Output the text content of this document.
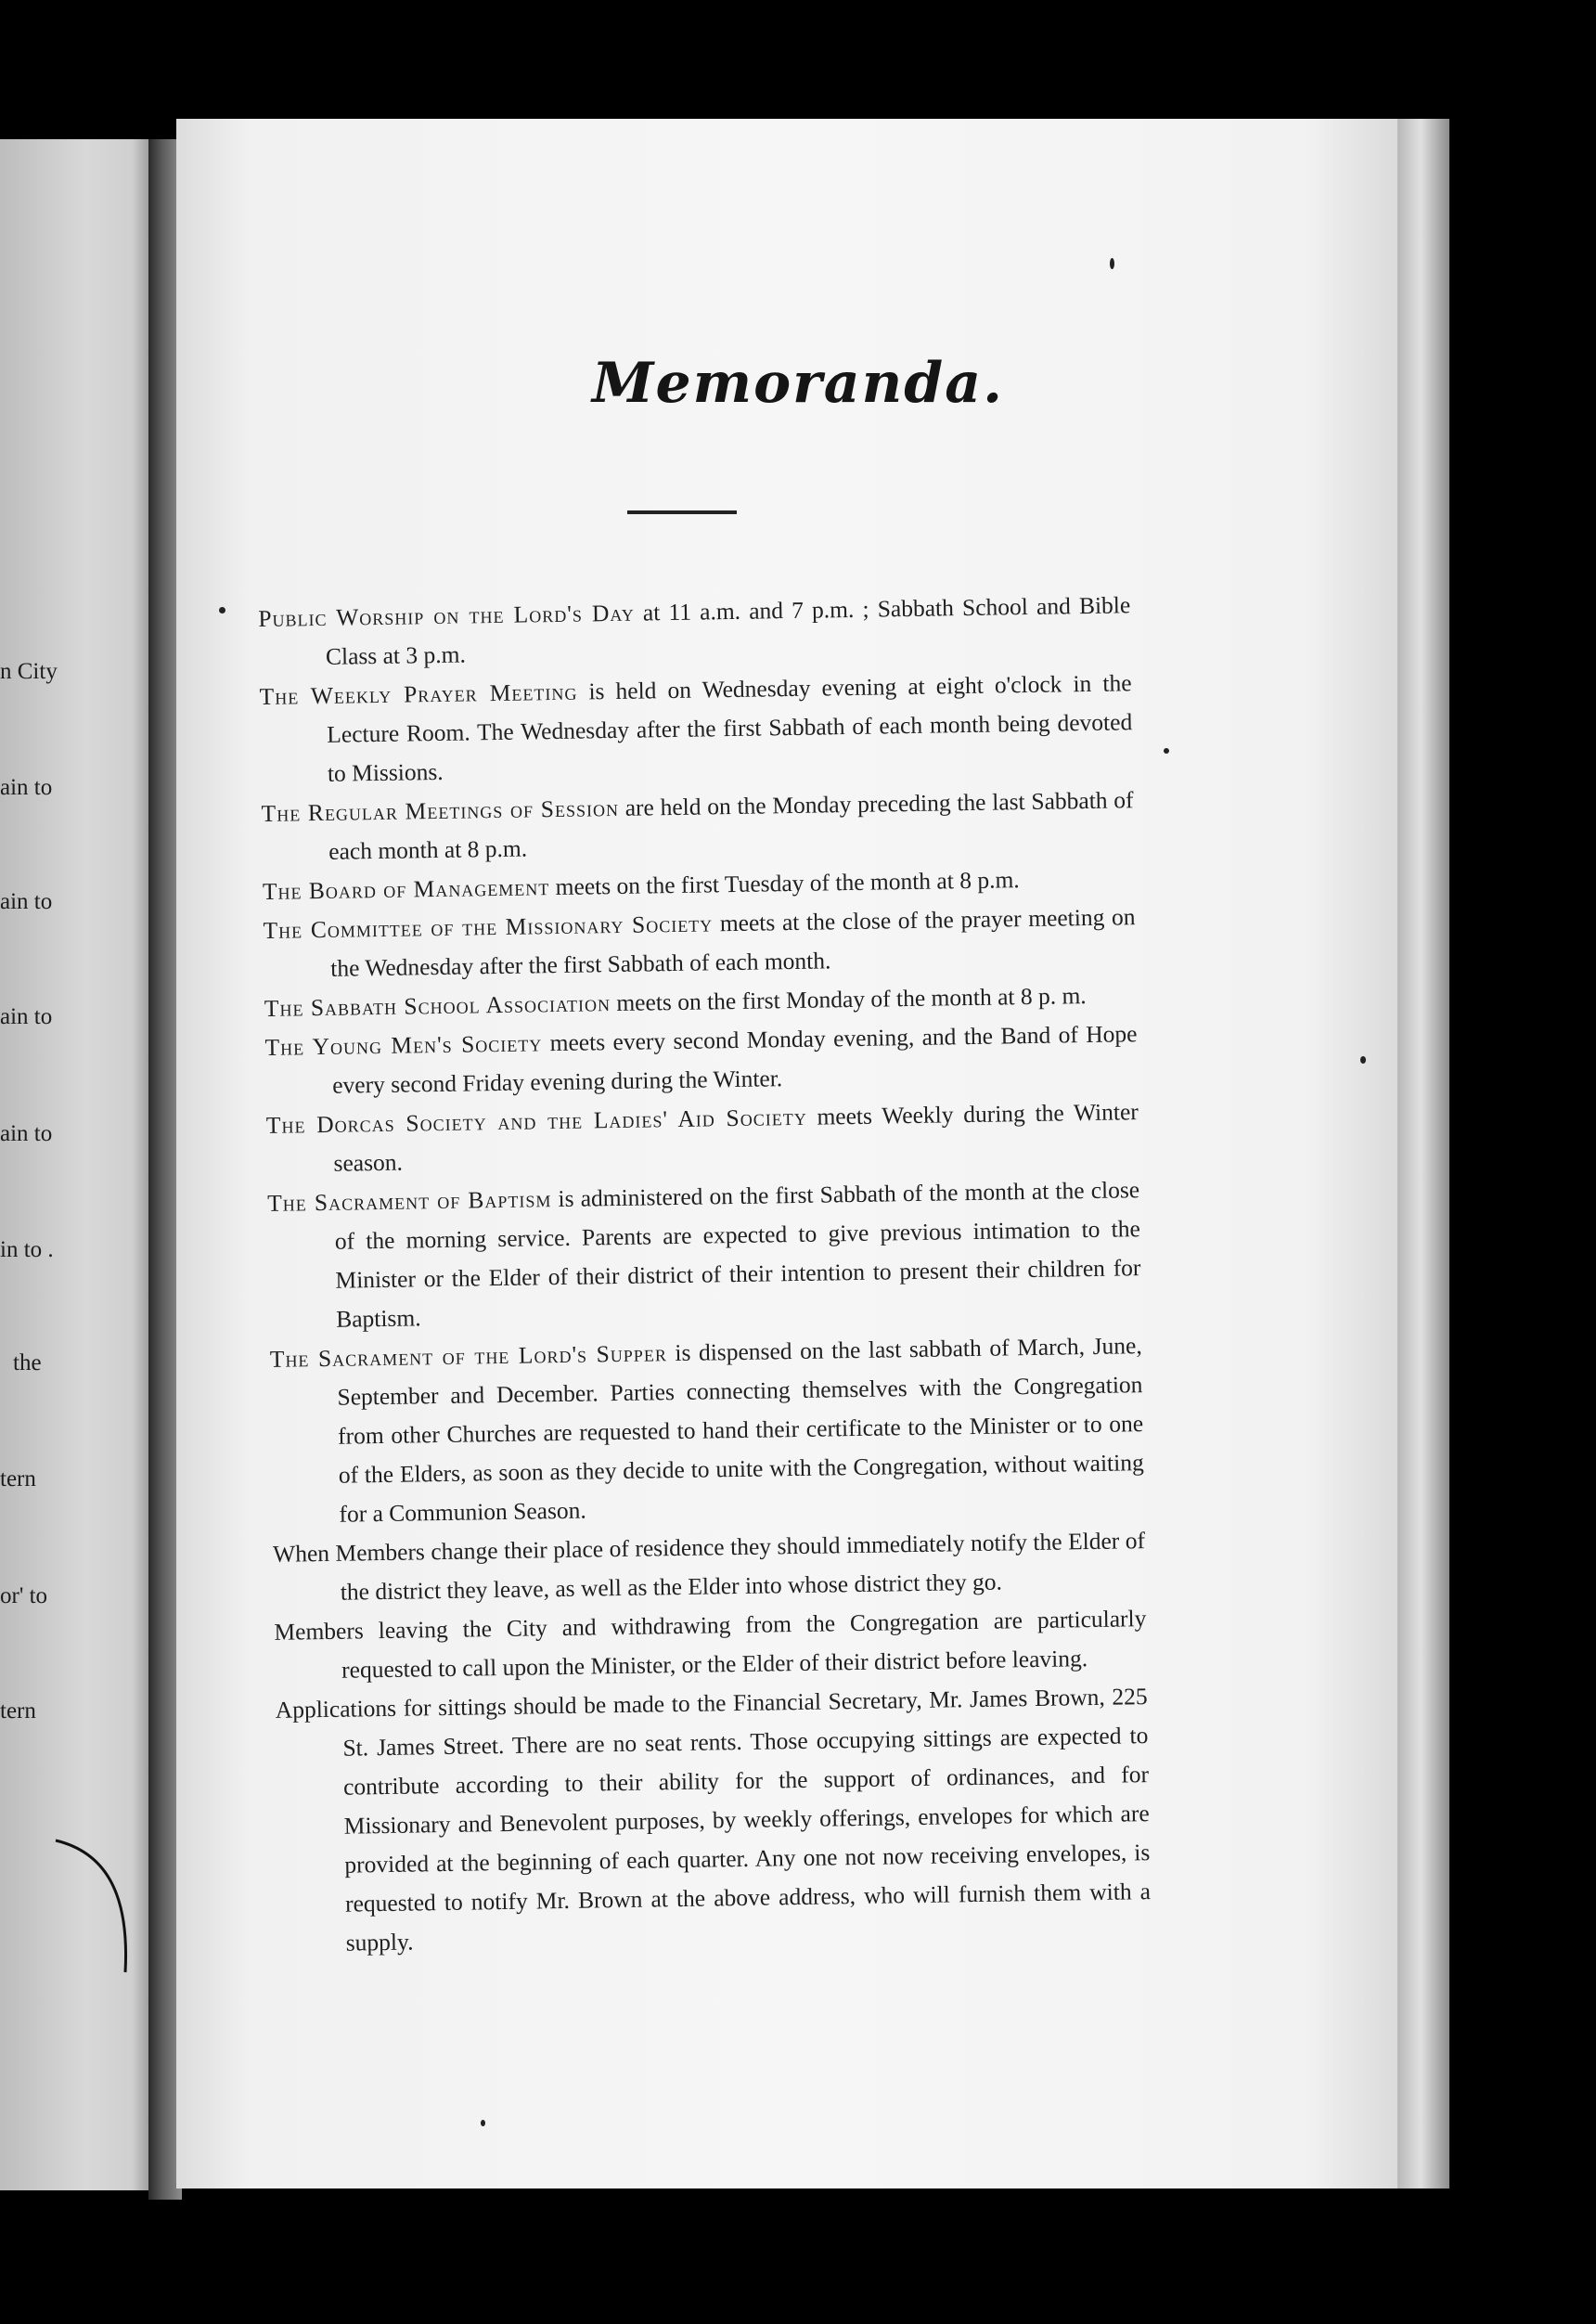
n City
ain to
ain to
ain to
ain to
in to .
the
tern
or' to
tern
Memoranda.

Public Worship on the Lord's Day at 11 a.m. and 7 p.m. ; Sabbath School and Bible Class at 3 p.m.

The Weekly Prayer Meeting is held on Wednesday evening at eight o'clock in the Lecture Room. The Wednesday after the first Sabbath of each month being devoted to Missions.

The Regular Meetings of Session are held on the Monday preceding the last Sabbath of each month at 8 p.m.

The Board of Management meets on the first Tuesday of the month at 8 p.m.

The Committee of the Missionary Society meets at the close of the prayer meeting on the Wednesday after the first Sabbath of each month.

The Sabbath School Association meets on the first Monday of the month at 8 p. m.

The Young Men's Society meets every second Monday evening, and the Band of Hope every second Friday evening during the Winter.

The Dorcas Society and the Ladies' Aid Society meets Weekly during the Winter season.

The Sacrament of Baptism is administered on the first Sabbath of the month at the close of the morning service. Parents are expected to give previous intimation to the Minister or the Elder of their district of their intention to present their children for Baptism.

The Sacrament of the Lord's Supper is dispensed on the last sabbath of March, June, September and December. Parties connecting themselves with the Congregation from other Churches are requested to hand their certificate to the Minister or to one of the Elders, as soon as they decide to unite with the Congregation, without waiting for a Communion Season.

When Members change their place of residence they should immediately notify the Elder of the district they leave, as well as the Elder into whose district they go.

Members leaving the City and withdrawing from the Congregation are particularly requested to call upon the Minister, or the Elder of their district before leaving.

Applications for sittings should be made to the Financial Secretary, Mr. James Brown, 225 St. James Street. There are no seat rents. Those occupying sittings are expected to contribute according to their ability for the support of ordinances, and for Missionary and Benevolent purposes, by weekly offerings, envelopes for which are provided at the beginning of each quarter. Any one not now receiving envelopes, is requested to notify Mr. Brown at the above address, who will furnish them with a supply.
